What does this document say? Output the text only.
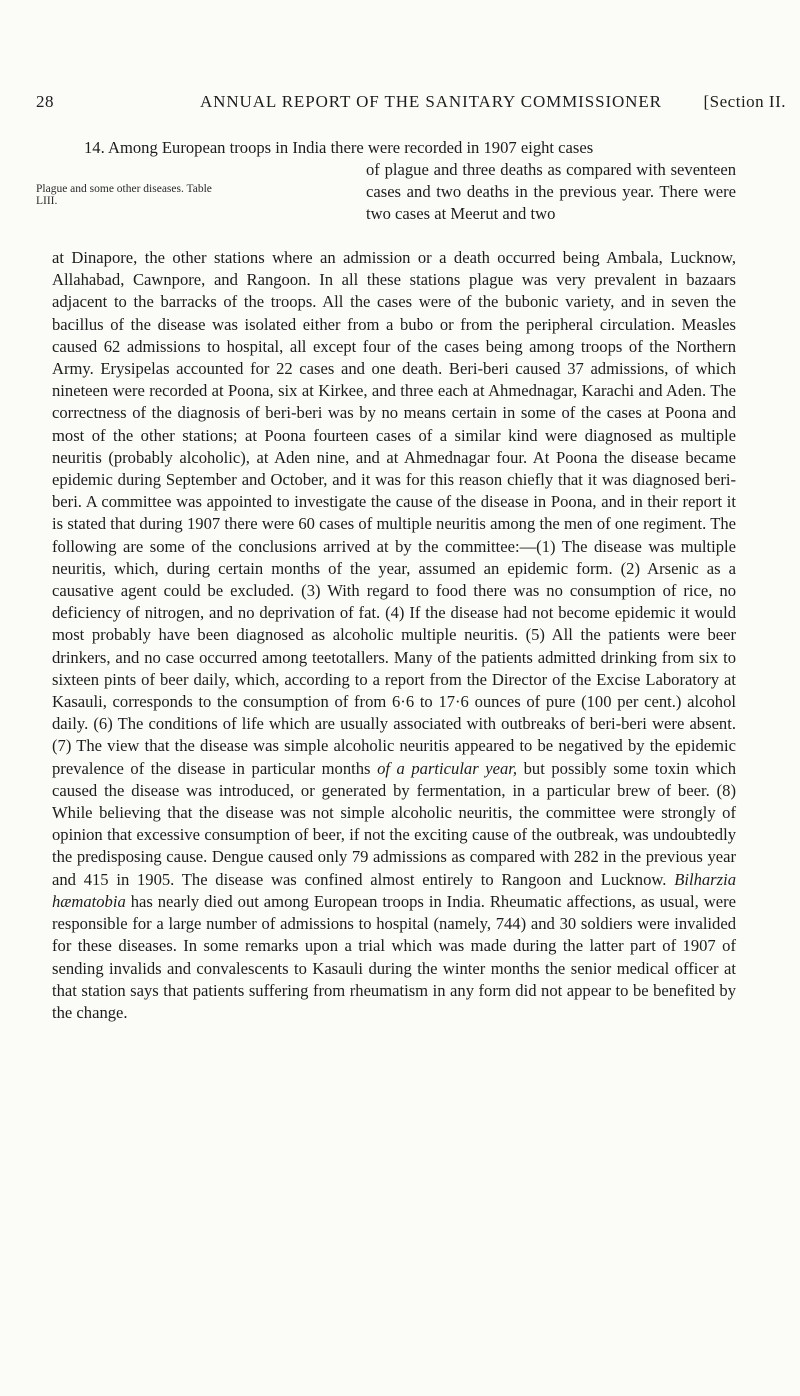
28	ANNUAL REPORT OF THE SANITARY COMMISSIONER [Section II.
14. Among European troops in India there were recorded in 1907 eight cases
Plague and some other diseases. Table LIII.
of plague and three deaths as compared with seventeen cases and two deaths in the previous year. There were two cases at Meerut and two
at Dinapore, the other stations where an admission or a death occurred being Ambala, Lucknow, Allahabad, Cawnpore, and Rangoon. In all these stations plague was very prevalent in bazaars adjacent to the barracks of the troops. All the cases were of the bubonic variety, and in seven the bacillus of the disease was isolated either from a bubo or from the peripheral circulation. Measles caused 62 admissions to hospital, all except four of the cases being among troops of the Northern Army. Erysipelas accounted for 22 cases and one death. Beri-beri caused 37 admissions, of which nineteen were recorded at Poona, six at Kirkee, and three each at Ahmednagar, Karachi and Aden. The correctness of the diagnosis of beri-beri was by no means certain in some of the cases at Poona and most of the other stations; at Poona fourteen cases of a similar kind were diagnosed as multiple neuritis (probably alcoholic), at Aden nine, and at Ahmednagar four. At Poona the disease became epidemic during September and October, and it was for this reason chiefly that it was diagnosed beri-beri. A committee was appointed to investigate the cause of the disease in Poona, and in their report it is stated that during 1907 there were 60 cases of multiple neuritis among the men of one regiment. The following are some of the conclusions arrived at by the committee:—(1) The disease was multiple neuritis, which, during certain months of the year, assumed an epidemic form. (2) Arsenic as a causative agent could be excluded. (3) With regard to food there was no consumption of rice, no deficiency of nitrogen, and no deprivation of fat. (4) If the disease had not become epidemic it would most probably have been diagnosed as alcoholic multiple neuritis. (5) All the patients were beer drinkers, and no case occurred among teetotallers. Many of the patients admitted drinking from six to sixteen pints of beer daily, which, according to a report from the Director of the Excise Laboratory at Kasauli, corresponds to the consumption of from 6·6 to 17·6 ounces of pure (100 per cent.) alcohol daily. (6) The conditions of life which are usually associated with outbreaks of beri-beri were absent. (7) The view that the disease was simple alcoholic neuritis appeared to be negatived by the epidemic prevalence of the disease in particular months of a particular year, but possibly some toxin which caused the disease was introduced, or generated by fermentation, in a particular brew of beer. (8) While believing that the disease was not simple alcoholic neuritis, the committee were strongly of opinion that excessive consumption of beer, if not the exciting cause of the outbreak, was undoubtedly the predisposing cause. Dengue caused only 79 admissions as compared with 282 in the previous year and 415 in 1905. The disease was confined almost entirely to Rangoon and Lucknow. Bilharzia hæmatobia has nearly died out among European troops in India. Rheumatic affections, as usual, were responsible for a large number of admissions to hospital (namely, 744) and 30 soldiers were invalided for these diseases. In some remarks upon a trial which was made during the latter part of 1907 of sending invalids and convalescents to Kasauli during the winter months the senior medical officer at that station says that patients suffering from rheumatism in any form did not appear to be benefited by the change.
